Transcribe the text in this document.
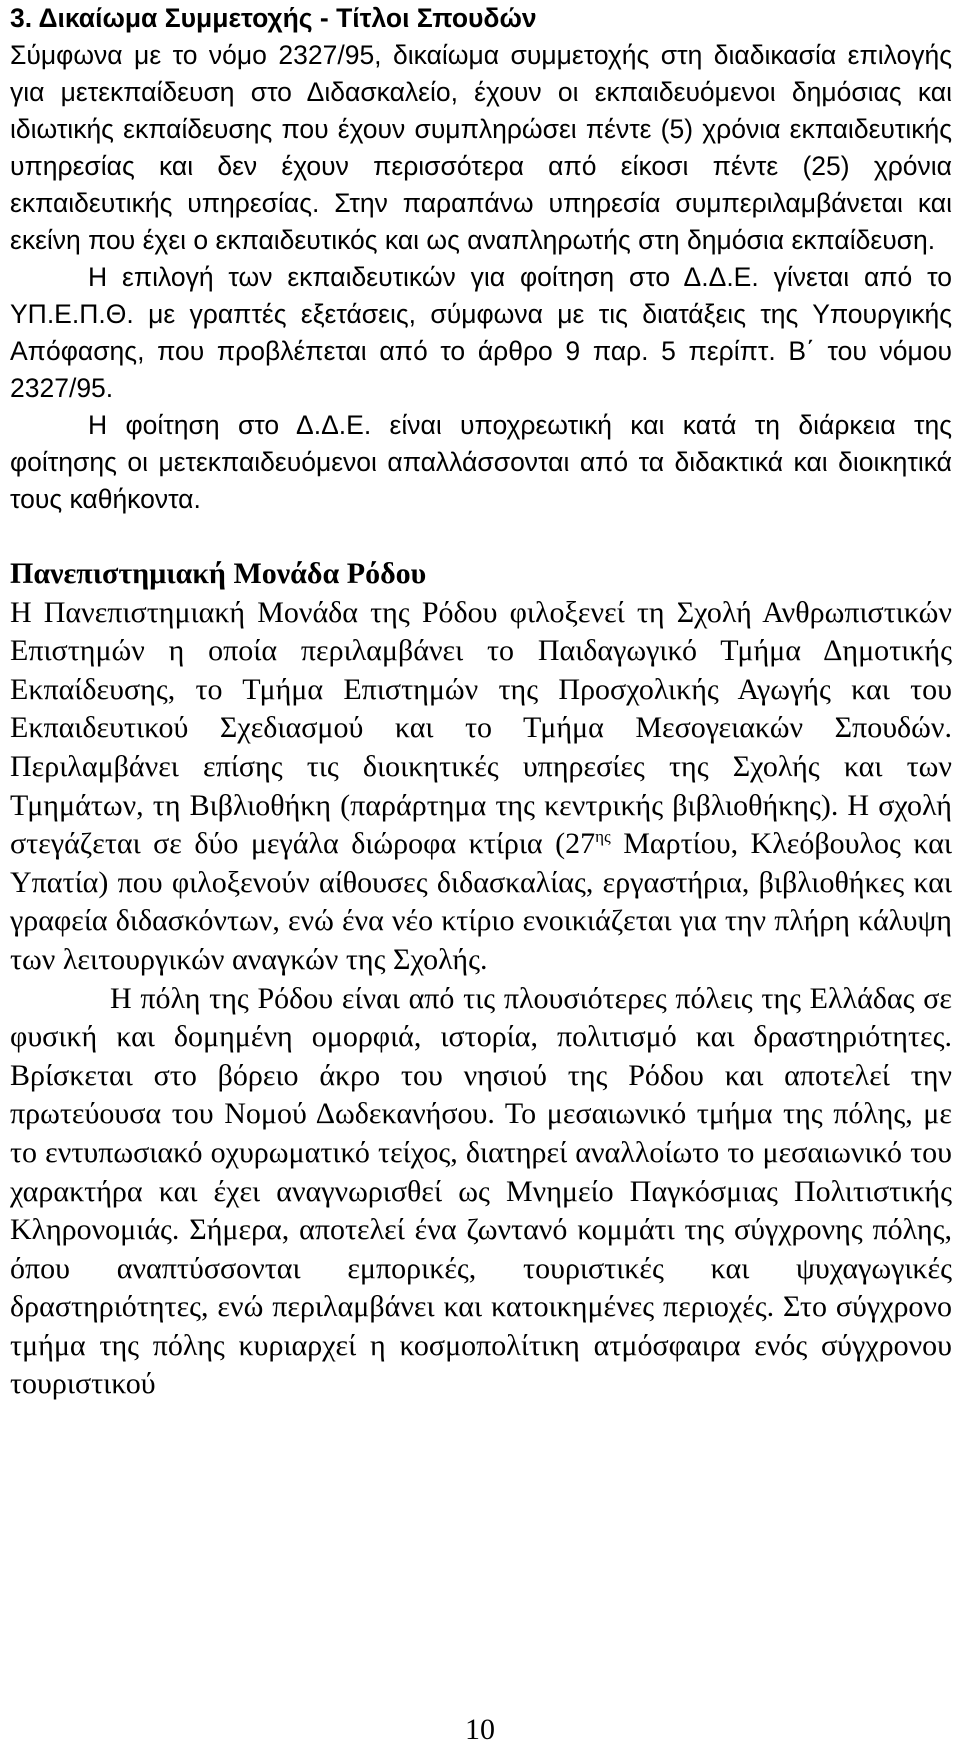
3. Δικαίωμα Συμμετοχής - Τίτλοι Σπουδών

Σύμφωνα με το νόμο 2327/95, δικαίωμα συμμετοχής στη διαδικασία επιλογής για μετεκπαίδευση στο Διδασκαλείο, έχουν οι εκπαιδευόμενοι δημόσιας και ιδιωτικής εκπαίδευσης που έχουν συμπληρώσει πέντε (5) χρόνια εκπαιδευτικής υπηρεσίας και δεν έχουν περισσότερα από είκοσι πέντε (25) χρόνια εκπαιδευτικής υπηρεσίας. Στην παραπάνω υπηρεσία συμπεριλαμβάνεται και εκείνη που έχει ο εκπαιδευτικός και ως αναπληρωτής στη δημόσια εκπαίδευση.

Η επιλογή των εκπαιδευτικών για φοίτηση στο Δ.Δ.Ε. γίνεται από το ΥΠ.Ε.Π.Θ. με γραπτές εξετάσεις, σύμφωνα με τις διατάξεις της Υπουργικής Απόφασης, που προβλέπεται από το άρθρο 9 παρ. 5 περίπτ. Β΄ του νόμου 2327/95.

Η φοίτηση στο Δ.Δ.Ε. είναι υποχρεωτική και κατά τη διάρκεια της φοίτησης οι μετεκπαιδευόμενοι απαλλάσσονται από τα διδακτικά και διοικητικά τους καθήκοντα.

Πανεπιστημιακή Μονάδα Ρόδου

Η Πανεπιστημιακή Μονάδα της Ρόδου φιλοξενεί τη Σχολή Ανθρωπιστικών Επιστημών η οποία περιλαμβάνει το Παιδαγωγικό Τμήμα Δημοτικής Εκπαίδευσης, το Τμήμα Επιστημών της Προσχολικής Αγωγής και του Εκπαιδευτικού Σχεδιασμού και το Τμήμα Μεσογειακών Σπουδών. Περιλαμβάνει επίσης τις διοικητικές υπηρεσίες της Σχολής και των Τμημάτων, τη Βιβλιοθήκη (παράρτημα της κεντρικής βιβλιοθήκης). Η σχολή στεγάζεται σε δύο μεγάλα διώροφα κτίρια ($27^{\eta\varsigma}$ Μαρτίου, Κλεόβουλος και Υπατία) που φιλοξενούν αίθουσες διδασκαλίας, εργαστήρια, βιβλιοθήκες και γραφεία διδασκόντων, ενώ ένα νέο κτίριο ενοικιάζεται για την πλήρη κάλυψη των λειτουργικών αναγκών της Σχολής.

Η πόλη της Ρόδου είναι από τις πλουσιότερες πόλεις της Ελλάδας σε φυσική και δομημένη ομορφιά, ιστορία, πολιτισμό και δραστηριότητες. Βρίσκεται στο βόρειο άκρο του νησιού της Ρόδου και αποτελεί την πρωτεύουσα του Νομού Δωδεκανήσου. Το μεσαιωνικό τμήμα της πόλης, με το εντυπωσιακό οχυρωματικό τείχος, διατηρεί αναλλοίωτο το μεσαιωνικό του χαρακτήρα και έχει αναγνωρισθεί ως Μνημείο Παγκόσμιας Πολιτιστικής Κληρονομιάς. Σήμερα, αποτελεί ένα ζωντανό κομμάτι της σύγχρονης πόλης, όπου αναπτύσσονται εμπορικές, τουριστικές και ψυχαγωγικές δραστηριότητες, ενώ περιλαμβάνει και κατοικημένες περιοχές. Στο σύγχρονο τμήμα της πόλης κυριαρχεί η κοσμοπολίτικη ατμόσφαιρα ενός σύγχρονου τουριστικού

10
